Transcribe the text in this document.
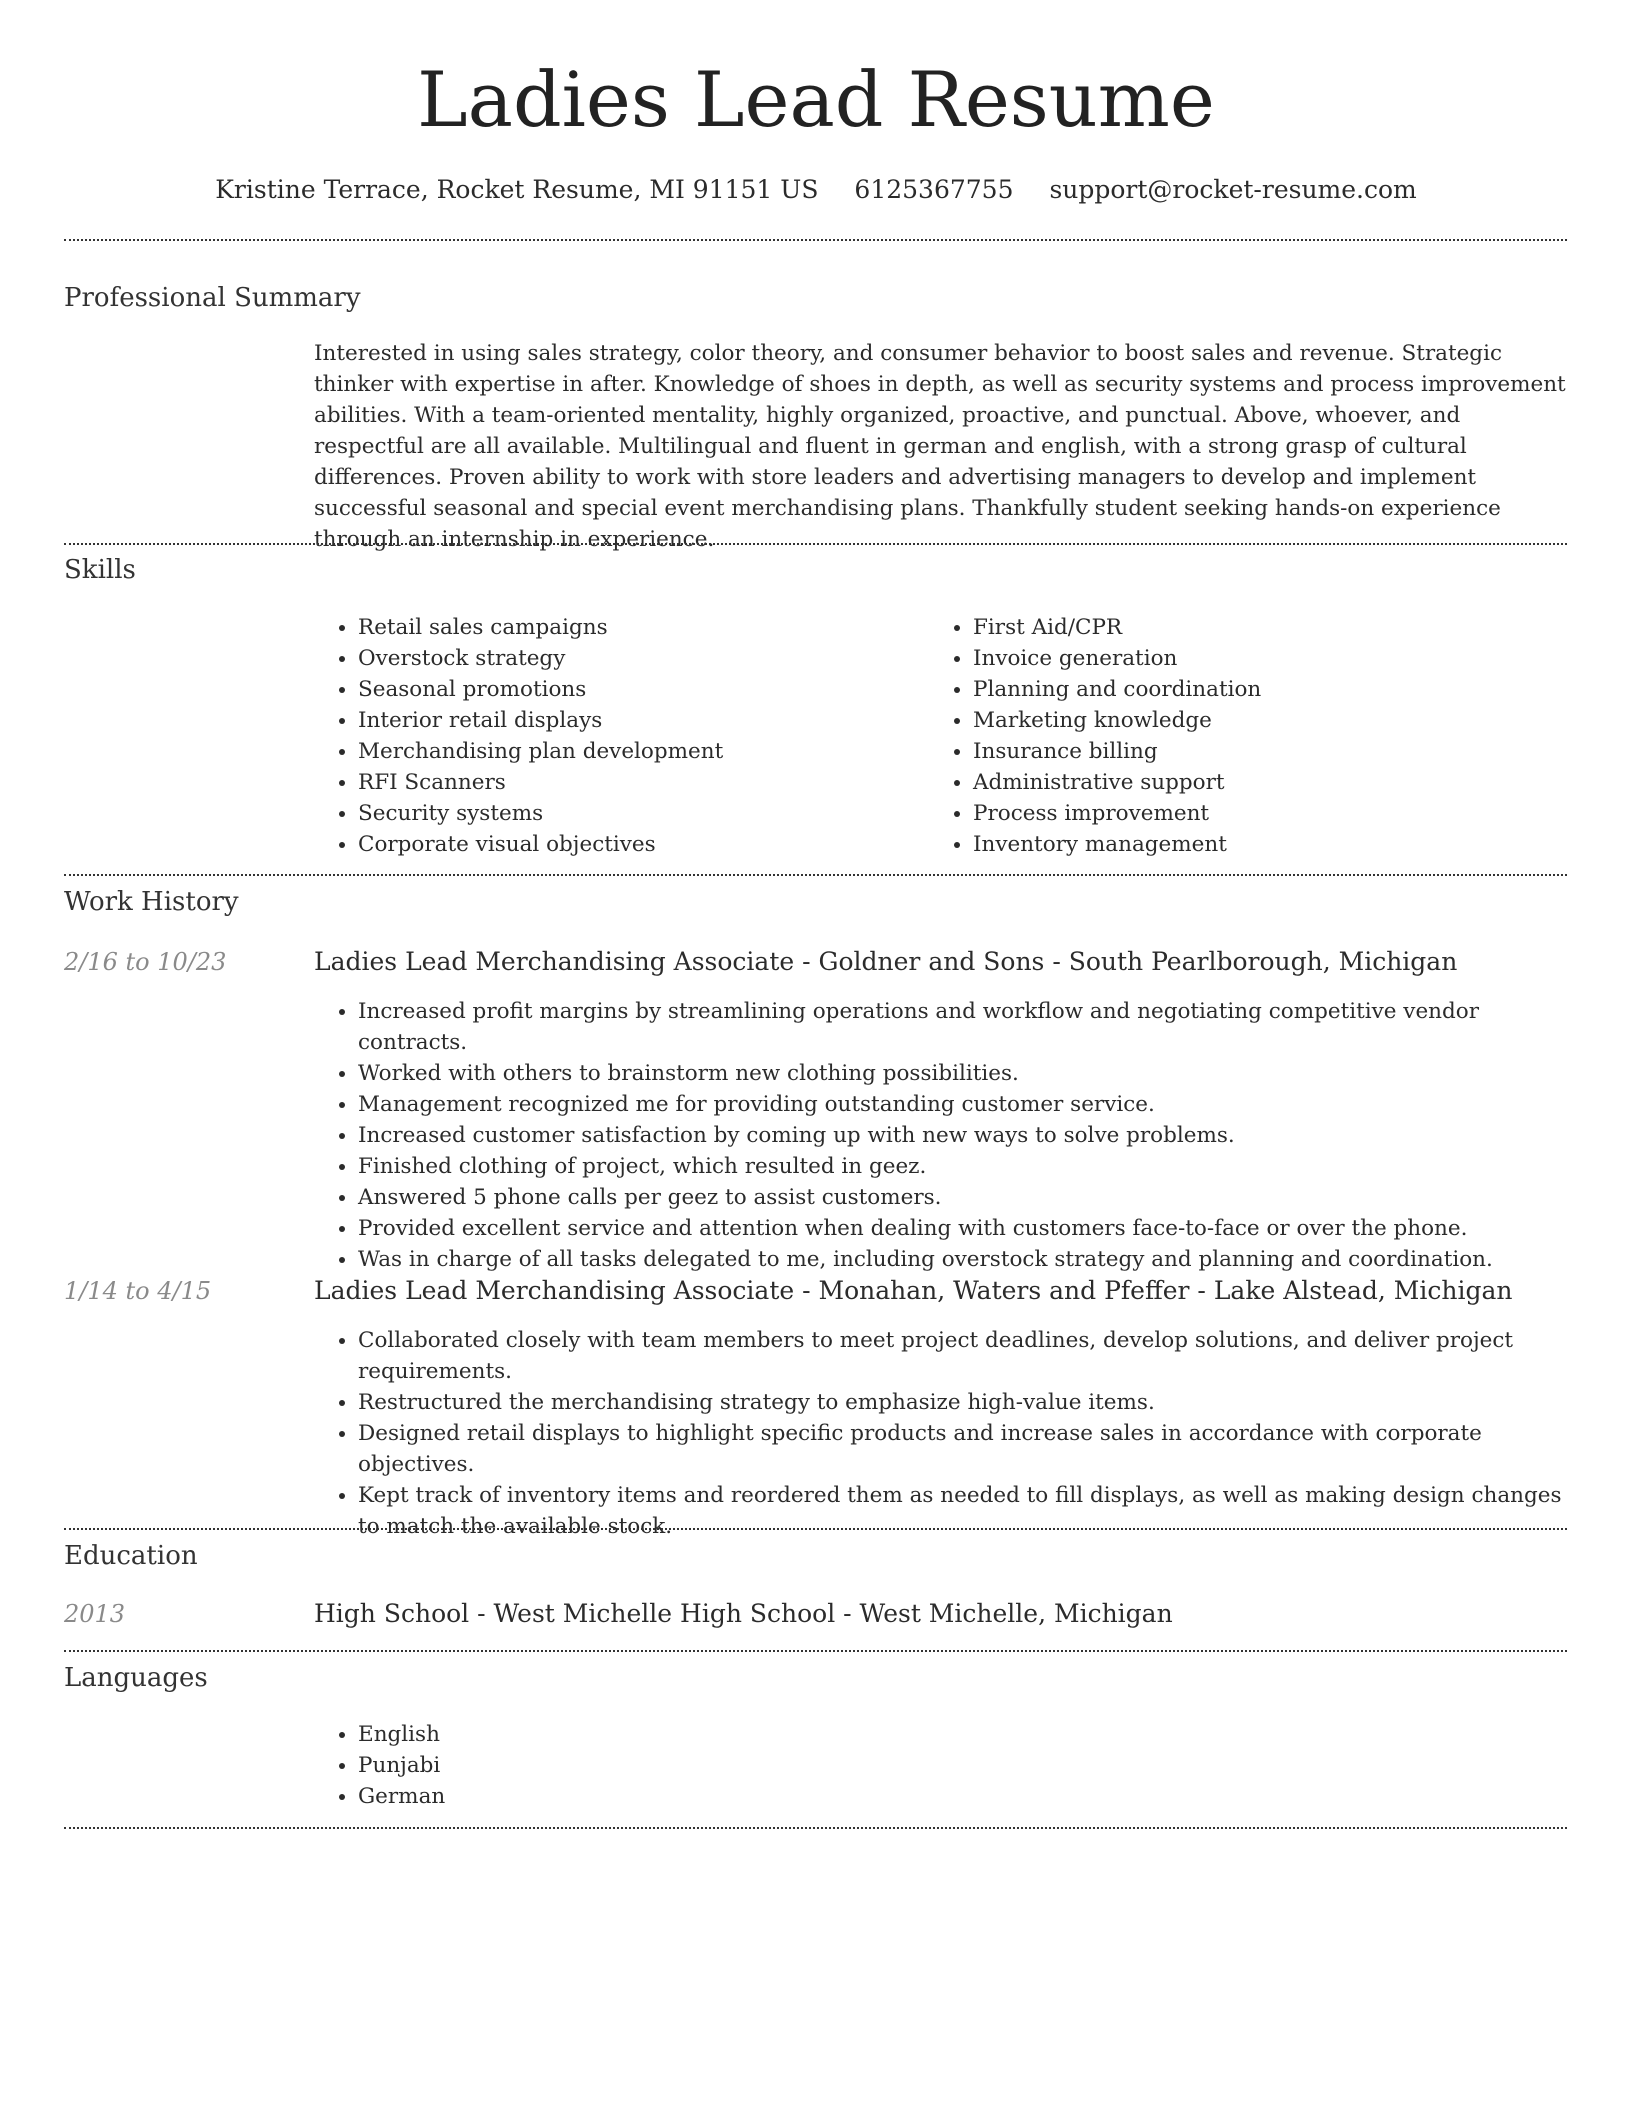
Ladies Lead Resume
Kristine Terrace, Rocket Resume, MI 91151 US 6125367755 support@rocket-resume.com
Professional Summary

Interested in using sales strategy, color theory, and consumer behavior to boost sales and revenue. Strategic thinker with expertise in after. Knowledge of shoes in depth, as well as security systems and process improvement abilities. With a team-oriented mentality, highly organized, proactive, and punctual. Above, whoever, and respectful are all available. Multilingual and fluent in german and english, with a strong grasp of cultural differences. Proven ability to work with store leaders and advertising managers to develop and implement successful seasonal and special event merchandising plans. Thankfully student seeking hands-on experience through an internship in experience.

Skills
• Retail sales campaigns
• Overstock strategy
• Seasonal promotions
• Interior retail displays
• Merchandising plan development
• RFI Scanners
• Security systems
• Corporate visual objectives
• First Aid/CPR
• Invoice generation
• Planning and coordination
• Marketing knowledge
• Insurance billing
• Administrative support
• Process improvement
• Inventory management
Work History
2/16 to 10/23	Ladies Lead Merchandising Associate - Goldner and Sons - South Pearlborough, Michigan
• Increased profit margins by streamlining operations and workflow and negotiating competitive vendor contracts.
• Worked with others to brainstorm new clothing possibilities.
• Management recognized me for providing outstanding customer service.
• Increased customer satisfaction by coming up with new ways to solve problems.
• Finished clothing of project, which resulted in geez.
• Answered 5 phone calls per geez to assist customers.
• Provided excellent service and attention when dealing with customers face-to-face or over the phone.
• Was in charge of all tasks delegated to me, including overstock strategy and planning and coordination.
1/14 to 4/15	Ladies Lead Merchandising Associate - Monahan, Waters and Pfeffer - Lake Alstead, Michigan
• Collaborated closely with team members to meet project deadlines, develop solutions, and deliver project requirements.
• Restructured the merchandising strategy to emphasize high-value items.
• Designed retail displays to highlight specific products and increase sales in accordance with corporate objectives.
• Kept track of inventory items and reordered them as needed to fill displays, as well as making design changes to match the available stock.
Education
2013	High School - West Michelle High School - West Michelle, Michigan
Languages
• English
• Punjabi
• German
